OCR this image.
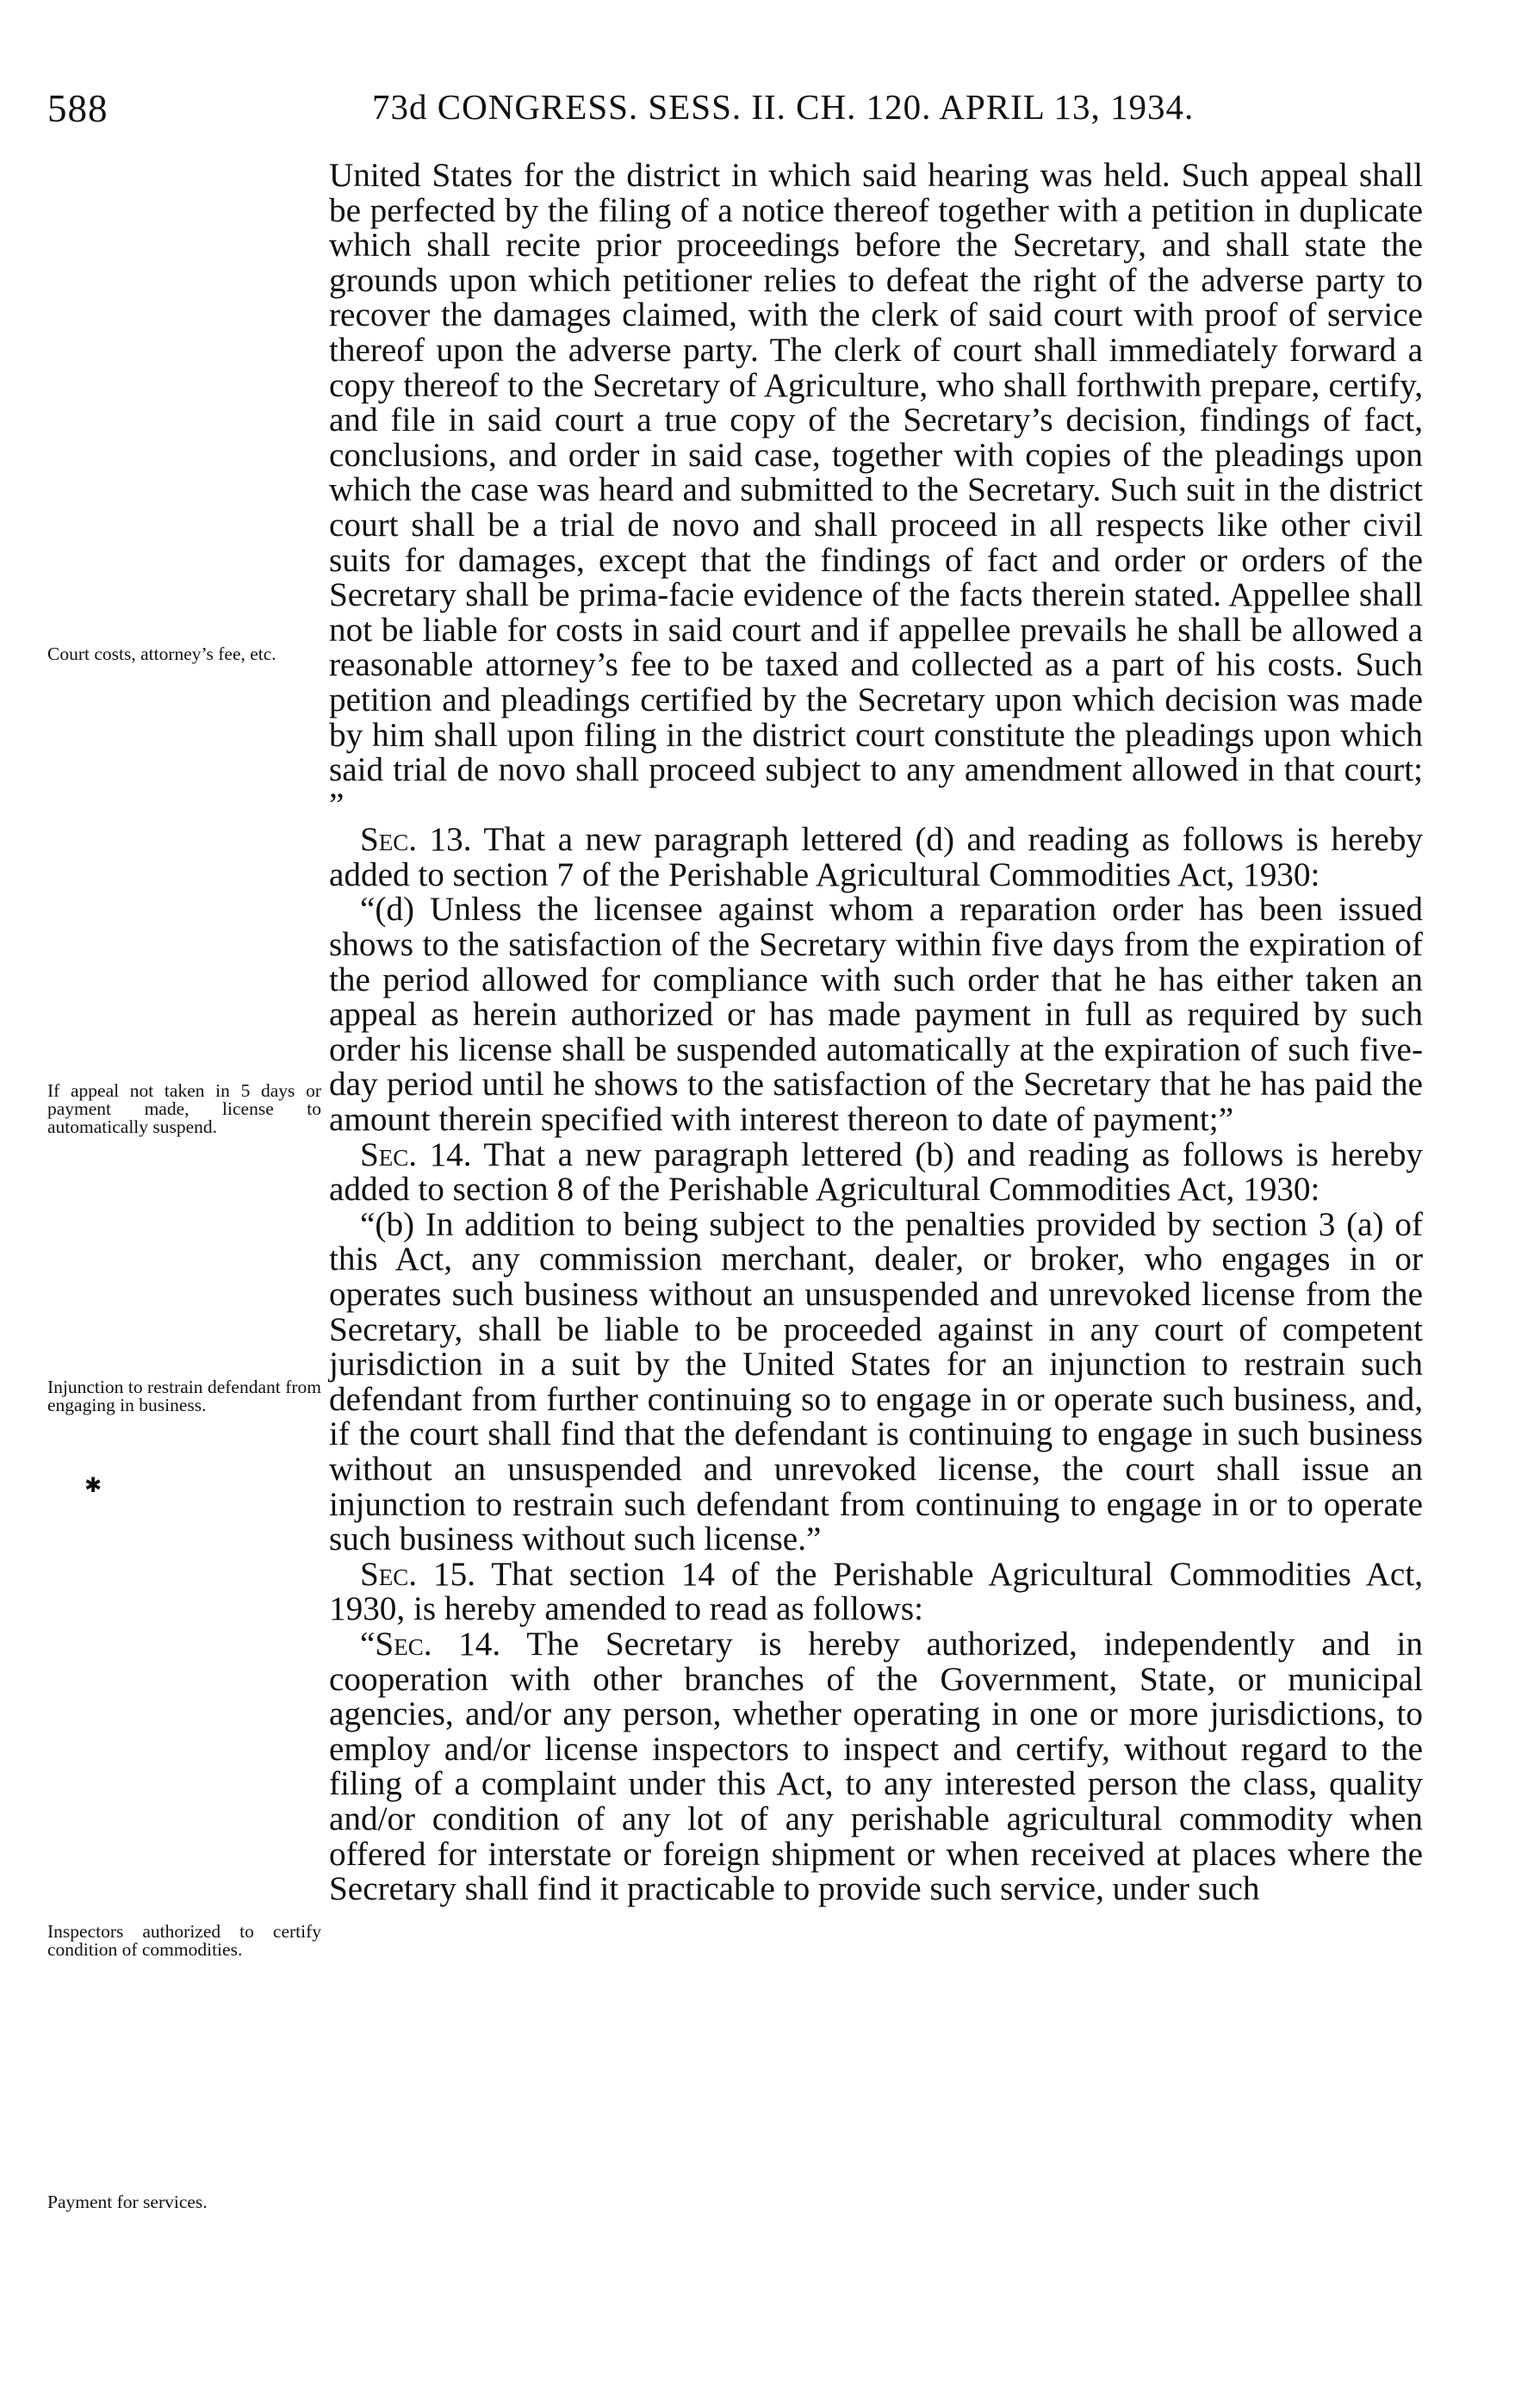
588	73d CONGRESS. SESS. II. CH. 120. APRIL 13, 1934.
Court costs, attorney’s fee, etc.
If appeal not taken in 5 days or payment made, license to automatically suspend.
Injunction to restrain defendant from engaging in business.
✱
Inspectors authorized to certify condition of commodities.
Payment for services.

United States for the district in which said hearing was held. Such appeal shall be perfected by the filing of a notice thereof together with a petition in duplicate which shall recite prior proceedings before the Secretary, and shall state the grounds upon which petitioner relies to defeat the right of the adverse party to recover the damages claimed, with the clerk of said court with proof of service thereof upon the adverse party. The clerk of court shall immediately forward a copy thereof to the Secretary of Agriculture, who shall forthwith prepare, certify, and file in said court a true copy of the Secretary’s decision, findings of fact, conclusions, and order in said case, together with copies of the pleadings upon which the case was heard and submitted to the Secretary. Such suit in the district court shall be a trial de novo and shall proceed in all respects like other civil suits for damages, except that the findings of fact and order or orders of the Secretary shall be prima-facie evidence of the facts therein stated. Appellee shall not be liable for costs in said court and if appellee prevails he shall be allowed a reasonable attorney’s fee to be taxed and collected as a part of his costs. Such petition and pleadings certified by the Secretary upon which decision was made by him shall upon filing in the district court constitute the pleadings upon which said trial de novo shall proceed subject to any amendment allowed in that court; ”

Sec. 13. That a new paragraph lettered (d) and reading as follows is hereby added to section 7 of the Perishable Agricultural Commodities Act, 1930:

“(d) Unless the licensee against whom a reparation order has been issued shows to the satisfaction of the Secretary within five days from the expiration of the period allowed for compliance with such order that he has either taken an appeal as herein authorized or has made payment in full as required by such order his license shall be suspended automatically at the expiration of such five-day period until he shows to the satisfaction of the Secretary that he has paid the amount therein specified with interest thereon to date of payment;”

Sec. 14. That a new paragraph lettered (b) and reading as follows is hereby added to section 8 of the Perishable Agricultural Commodities Act, 1930:

“(b) In addition to being subject to the penalties provided by section 3 (a) of this Act, any commission merchant, dealer, or broker, who engages in or operates such business without an unsuspended and unrevoked license from the Secretary, shall be liable to be proceeded against in any court of competent jurisdiction in a suit by the United States for an injunction to restrain such defendant from further continuing so to engage in or operate such business, and, if the court shall find that the defendant is continuing to engage in such business without an unsuspended and unrevoked license, the court shall issue an injunction to restrain such defendant from continuing to engage in or to operate such business without such license.”

Sec. 15. That section 14 of the Perishable Agricultural Commodities Act, 1930, is hereby amended to read as follows:

“Sec. 14. The Secretary is hereby authorized, independently and in cooperation with other branches of the Government, State, or municipal agencies, and/or any person, whether operating in one or more jurisdictions, to employ and/or license inspectors to inspect and certify, without regard to the filing of a complaint under this Act, to any interested person the class, quality and/or condition of any lot of any perishable agricultural commodity when offered for interstate or foreign shipment or when received at places where the Secretary shall find it practicable to provide such service, under such
